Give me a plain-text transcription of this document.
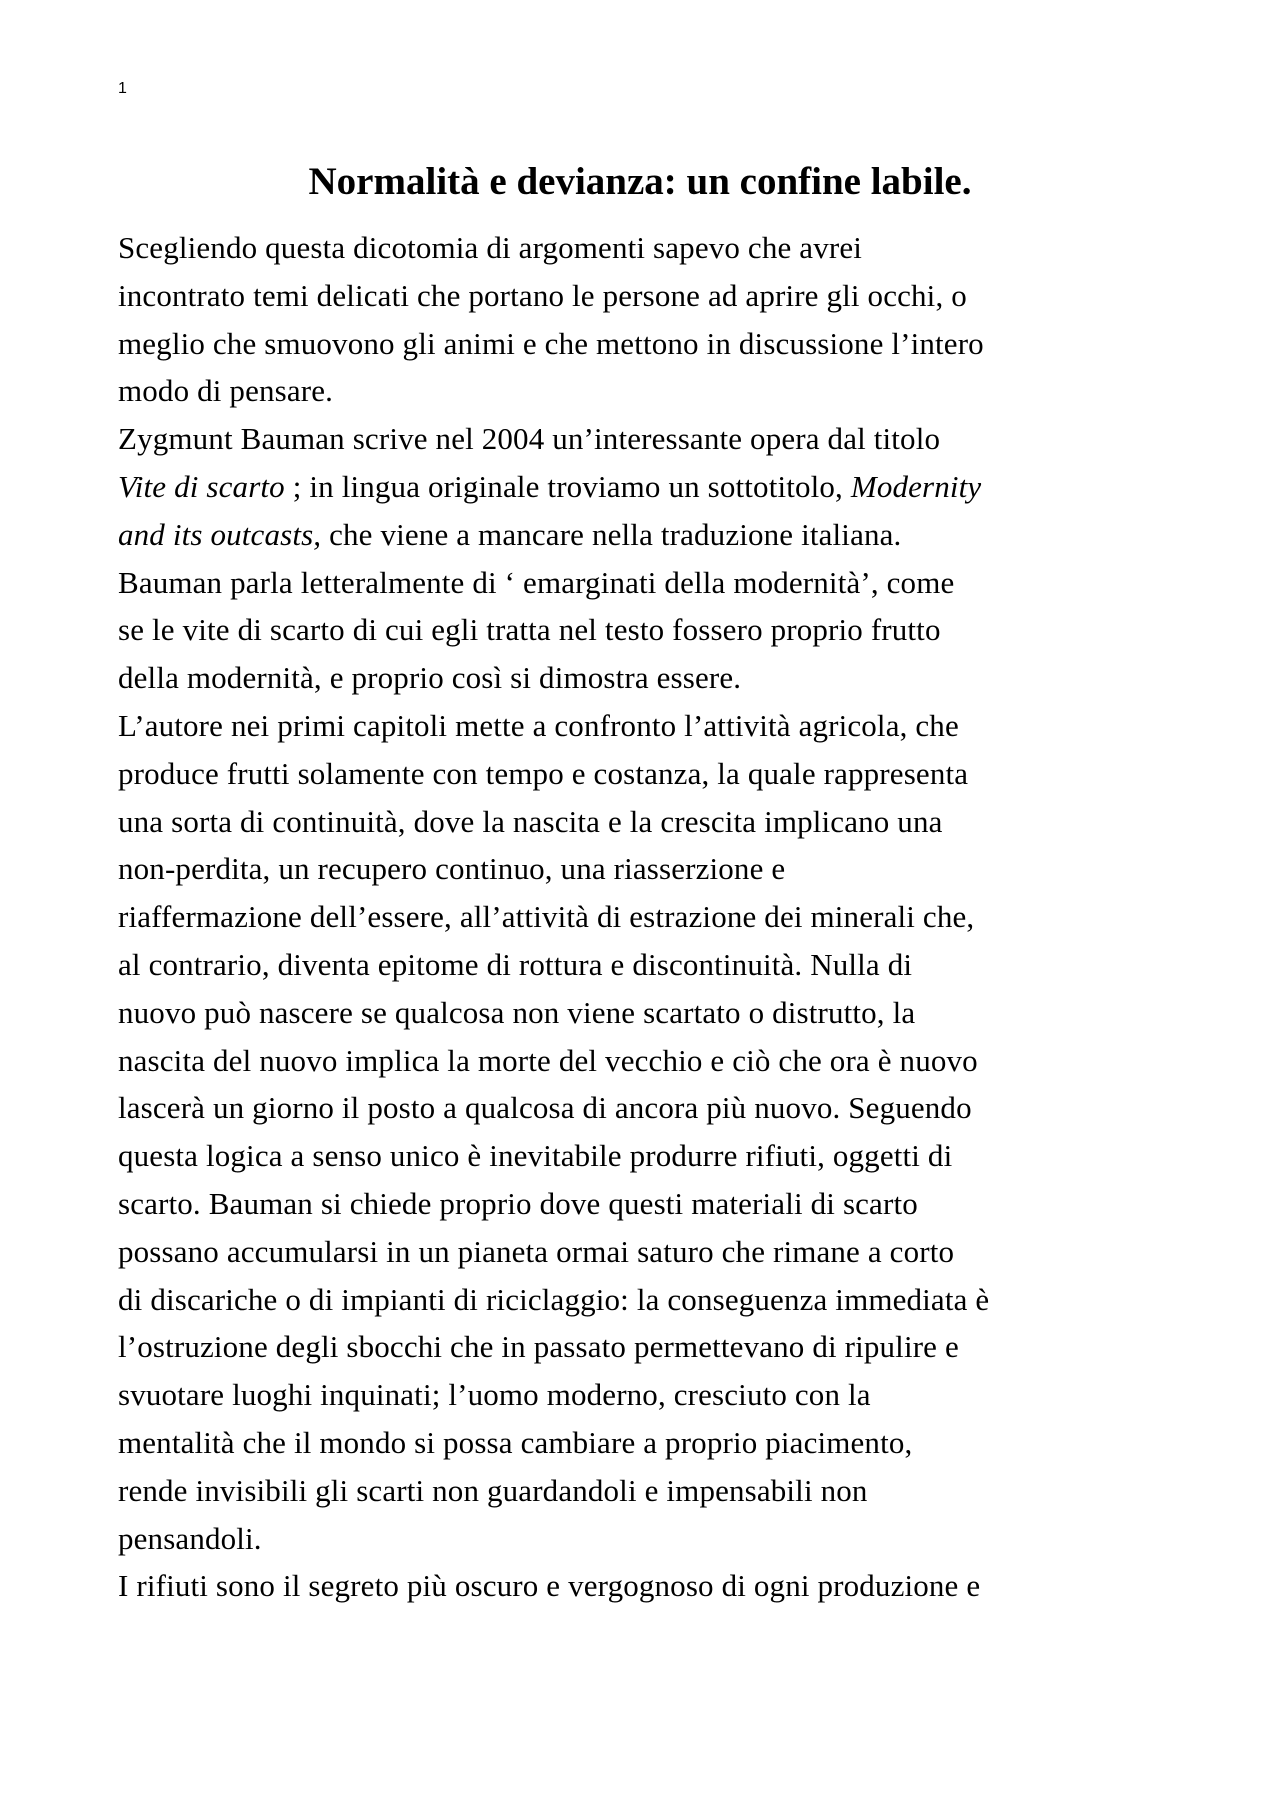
1
Normalità e devianza: un confine labile.
Scegliendo questa dicotomia di argomenti sapevo che avrei
incontrato temi delicati che portano le persone ad aprire gli occhi, o
meglio che smuovono gli animi e che mettono in discussione l’intero
modo di pensare.
Zygmunt Bauman scrive nel 2004 un’interessante opera dal titolo
Vite di scarto ; in lingua originale troviamo un sottotitolo, Modernity
and its outcasts, che viene a mancare nella traduzione italiana.
Bauman parla letteralmente di ‘ emarginati della modernità’, come
se le vite di scarto di cui egli tratta nel testo fossero proprio frutto
della modernità, e proprio così si dimostra essere.
L’autore nei primi capitoli mette a confronto l’attività agricola, che
produce frutti solamente con tempo e costanza, la quale rappresenta
una sorta di continuità, dove la nascita e la crescita implicano una
non-perdita, un recupero continuo, una riasserzione e
riaffermazione dell’essere, all’attività di estrazione dei minerali che,
al contrario, diventa epitome di rottura e discontinuità. Nulla di
nuovo può nascere se qualcosa non viene scartato o distrutto, la
nascita del nuovo implica la morte del vecchio e ciò che ora è nuovo
lascerà un giorno il posto a qualcosa di ancora più nuovo. Seguendo
questa logica a senso unico è inevitabile produrre rifiuti, oggetti di
scarto. Bauman si chiede proprio dove questi materiali di scarto
possano accumularsi in un pianeta ormai saturo che rimane a corto
di discariche o di impianti di riciclaggio: la conseguenza immediata è
l’ostruzione degli sbocchi che in passato permettevano di ripulire e
svuotare luoghi inquinati; l’uomo moderno, cresciuto con la
mentalità che il mondo si possa cambiare a proprio piacimento,
rende invisibili gli scarti non guardandoli e impensabili non
pensandoli.
I rifiuti sono il segreto più oscuro e vergognoso di ogni produzione e
